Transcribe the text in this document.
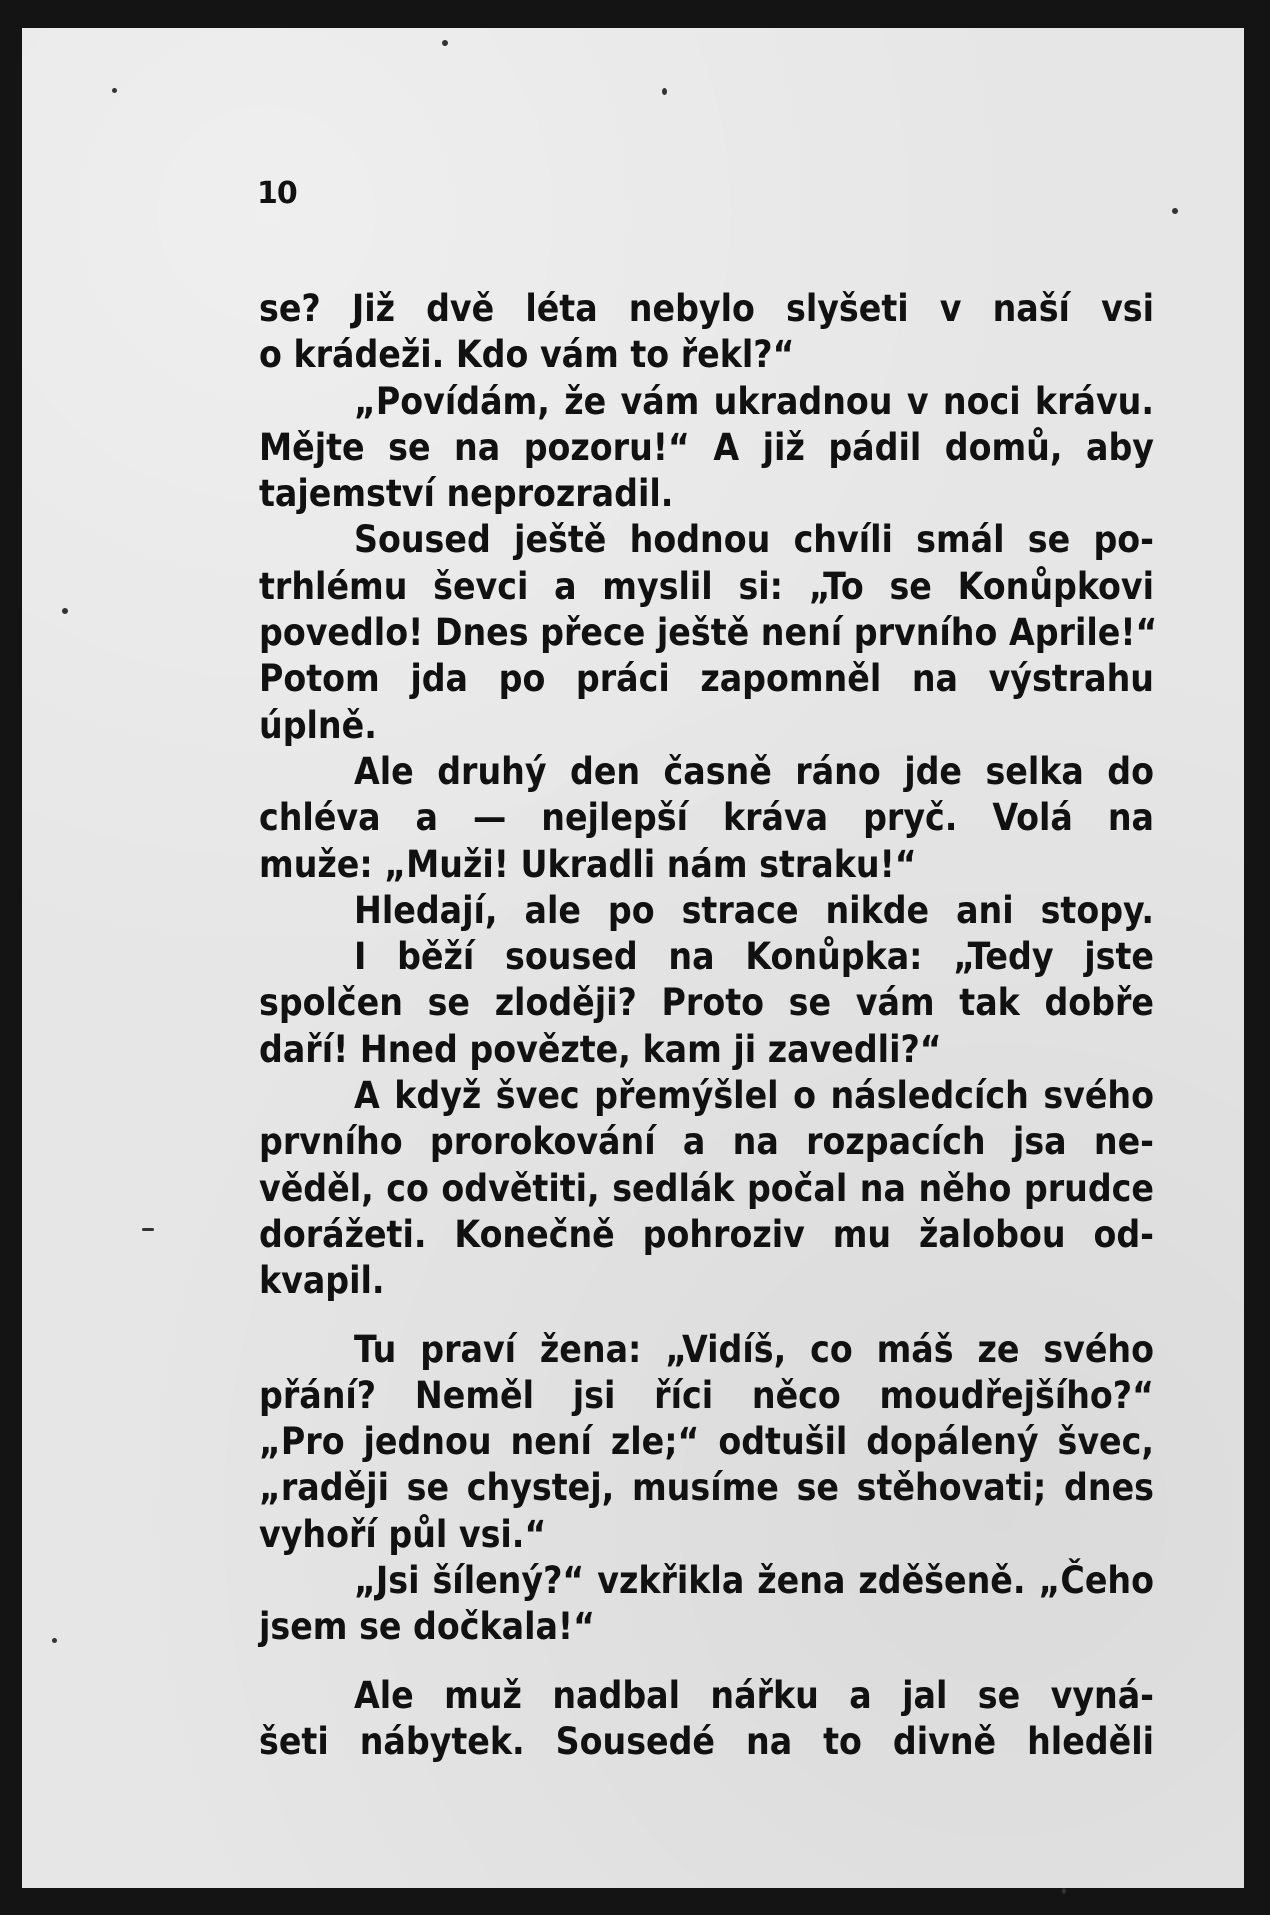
10
se? Již dvě léta nebylo slyšeti v naší vsi
o krádeži. Kdo vám to řekl?“
„Povídám, že vám ukradnou v noci krávu.
Mějte se na pozoru!“ A již pádil domů, aby
tajemství neprozradil.
Soused ještě hodnou chvíli smál se po-
trhlému ševci a myslil si: „To se Konůpkovi
povedlo! Dnes přece ještě není prvního Aprile!“
Potom jda po práci zapomněl na výstrahu
úplně.
Ale druhý den časně ráno jde selka do
chléva a — nejlepší kráva pryč. Volá na
muže: „Muži! Ukradli nám straku!“
Hledají, ale po strace nikde ani stopy.
I běží soused na Konůpka: „Tedy jste
spolčen se zloději? Proto se vám tak dobře
daří! Hned povězte, kam ji zavedli?“
A když švec přemýšlel o následcích svého
prvního prorokování a na rozpacích jsa ne-
věděl, co odvětiti, sedlák počal na něho prudce
dorážeti. Konečně pohroziv mu žalobou od-
kvapil.
Tu praví žena: „Vidíš, co máš ze svého
přání? Neměl jsi říci něco moudřejšího?“
„Pro jednou není zle;“ odtušil dopálený švec,
„raději se chystej, musíme se stěhovati; dnes
vyhoří půl vsi.“
„Jsi šílený?“ vzkřikla žena zděšeně. „Čeho
jsem se dočkala!“
Ale muž nadbal nářku a jal se vyná-
šeti nábytek. Sousedé na to divně hleděli
